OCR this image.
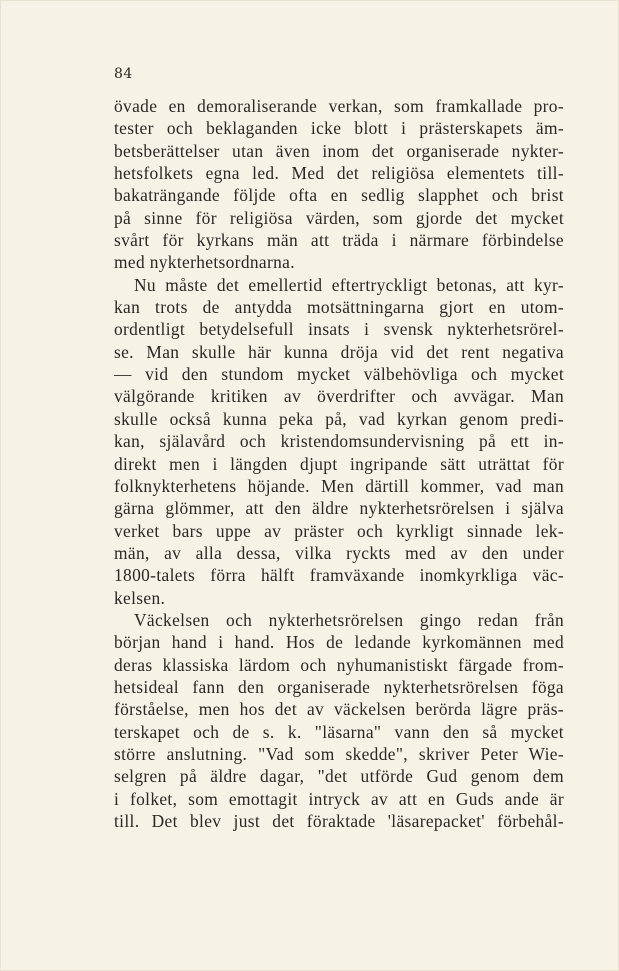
84

övade en demoraliserande verkan, som framkallade pro-
tester och beklaganden icke blott i prästerskapets äm-
betsberättelser utan även inom det organiserade nykter-
hetsfolkets egna led. Med det religiösa elementets till-
bakaträngande följde ofta en sedlig slapphet och brist
på sinne för religiösa värden, som gjorde det mycket
svårt för kyrkans män att träda i närmare förbindelse
med nykterhetsordnarna.

Nu måste det emellertid eftertryckligt betonas, att kyr-
kan trots de antydda motsättningarna gjort en utom-
ordentligt betydelsefull insats i svensk nykterhetsrörel-
se. Man skulle här kunna dröja vid det rent negativa
— vid den stundom mycket välbehövliga och mycket
välgörande kritiken av överdrifter och avvägar. Man
skulle också kunna peka på, vad kyrkan genom predi-
kan, själavård och kristendomsundervisning på ett in-
direkt men i längden djupt ingripande sätt uträttat för
folknykterhetens höjande. Men därtill kommer, vad man
gärna glömmer, att den äldre nykterhetsrörelsen i själva
verket bars uppe av präster och kyrkligt sinnade lek-
män, av alla dessa, vilka ryckts med av den under
1800-talets förra hälft framväxande inomkyrkliga väc-
kelsen.

Väckelsen och nykterhetsrörelsen gingo redan från
början hand i hand. Hos de ledande kyrkomännen med
deras klassiska lärdom och nyhumanistiskt färgade from-
hetsideal fann den organiserade nykterhetsrörelsen föga
förståelse, men hos det av väckelsen berörda lägre präs-
terskapet och de s. k. "läsarna" vann den så mycket
större anslutning. "Vad som skedde", skriver Peter Wie-
selgren på äldre dagar, "det utförde Gud genom dem
i folket, som emottagit intryck av att en Guds ande är
till. Det blev just det föraktade 'läsarepacket' förbehål-
